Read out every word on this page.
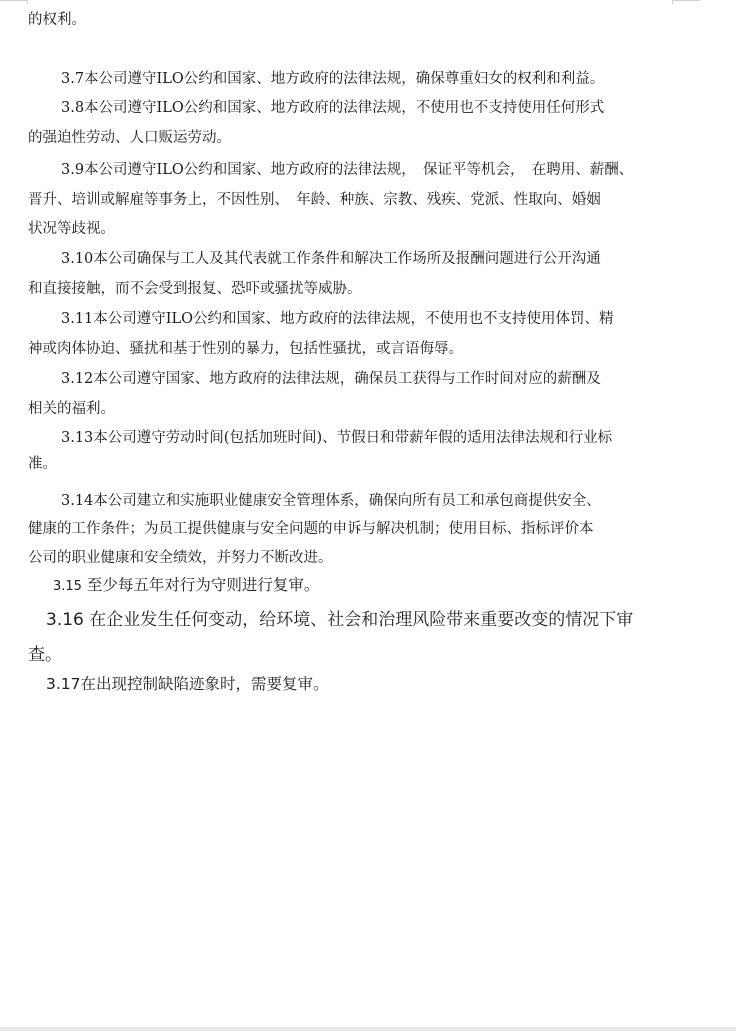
的权利。
3.7本公司遵守ILO公约和国家、地方政府的法律法规，确保尊重妇女的权利和利益。
3.8本公司遵守ILO公约和国家、地方政府的法律法规，不使用也不支持使用任何形式
的强迫性劳动、人口贩运劳动。
3.9本公司遵守ILO公约和国家、地方政府的法律法规，　保证平等机会，　在聘用、薪酬、
晋升、培训或解雇等事务上，不因性别、　年龄、种族、宗教、残疾、党派、性取向、婚姻
状况等歧视。
3.10本公司确保与工人及其代表就工作条件和解决工作场所及报酬问题进行公开沟通
和直接接触，而不会受到报复、恐吓或骚扰等威胁。
3.11本公司遵守ILO公约和国家、地方政府的法律法规，不使用也不支持使用体罚、精
神或肉体协迫、骚扰和基于性别的暴力，包括性骚扰，或言语侮辱。
3.12本公司遵守国家、地方政府的法律法规，确保员工获得与工作时间对应的薪酬及
相关的福利。
3.13本公司遵守劳动时间(包括加班时间)、节假日和带薪年假的适用法律法规和行业标
准。
3.14本公司建立和实施职业健康安全管理体系，确保向所有员工和承包商提供安全、
健康的工作条件；为员工提供健康与安全问题的申诉与解决机制；使用目标、指标评价本
公司的职业健康和安全绩效，并努力不断改进。
3.15 至少每五年对行为守则进行复审。
3.16 在企业发生任何变动，给环境、社会和治理风险带来重要改变的情况下审
查。
3.17在出现控制缺陷迹象时，需要复审。
